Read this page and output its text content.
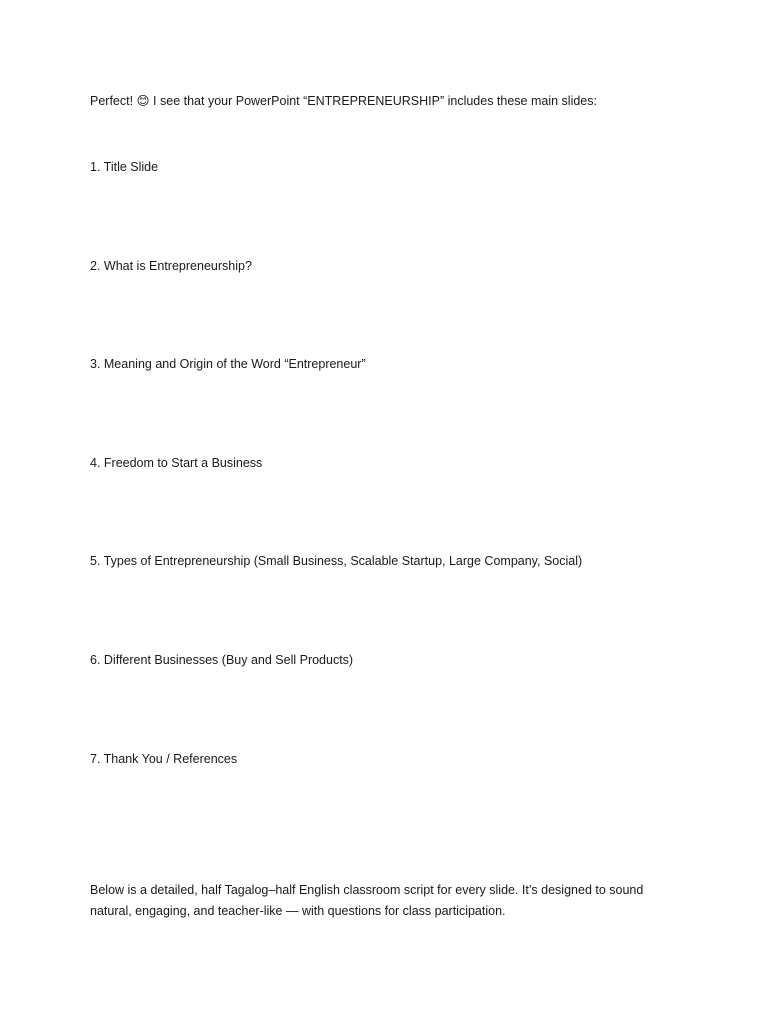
Perfect! 😊 I see that your PowerPoint “ENTREPRENEURSHIP” includes these main slides:

1. Title Slide

2. What is Entrepreneurship?

3. Meaning and Origin of the Word “Entrepreneur”

4. Freedom to Start a Business

5. Types of Entrepreneurship (Small Business, Scalable Startup, Large Company, Social)

6. Different Businesses (Buy and Sell Products)

7. Thank You / References

Below is a detailed, half Tagalog–half English classroom script for every slide. It’s designed to sound natural, engaging, and teacher-like — with questions for class participation.
